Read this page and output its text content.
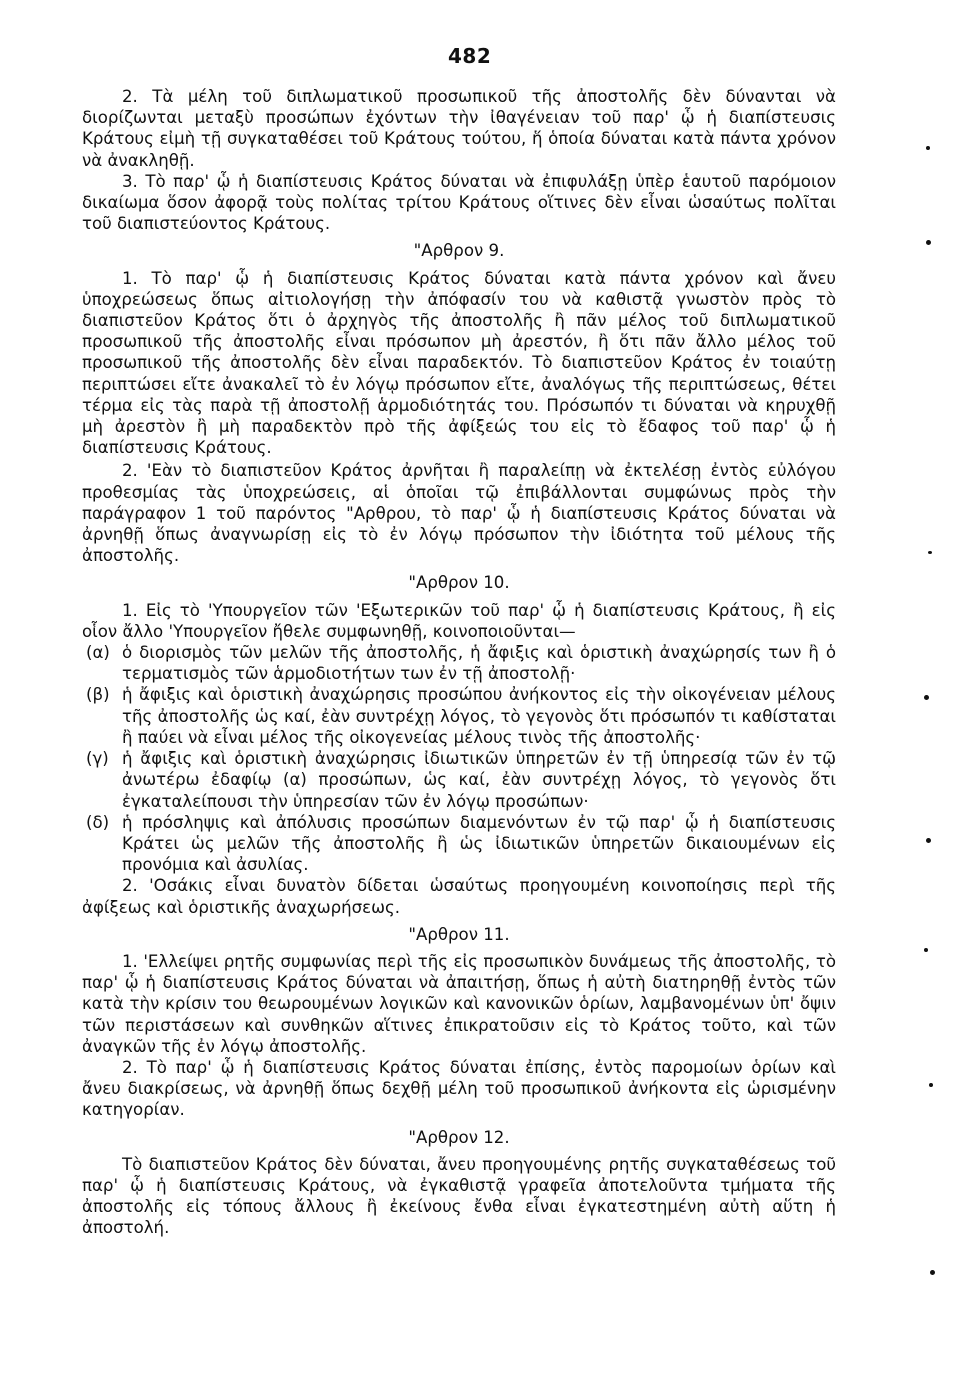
482

2. Τὰ μέλη τοῦ διπλωματικοῦ προσωπικοῦ τῆς ἀποστολῆς δὲν δύνανται νὰ διορίζωνται μεταξὺ προσώπων ἐχόντων τὴν ἰθαγένειαν τοῦ παρ' ᾧ ἡ διαπίστευσις Κράτους εἰμὴ τῇ συγκαταθέσει τοῦ Κράτους τούτου, ἥ ὁποία δύναται κατὰ πάντα χρόνον νὰ ἀνακληθῇ.

3. Τὸ παρ' ᾧ ἡ διαπίστευσις Κράτος δύναται νὰ ἐπιφυλάξῃ ὑπὲρ ἑαυτοῦ παρόμοιον δικαίωμα ὅσον ἀφορᾷ τοὺς πολίτας τρίτου Κράτους οἵτινες δὲν εἶναι ὡσαύτως πολῖται τοῦ διαπιστεύοντος Κράτους.

"Αρθρον 9.

1. Τὸ παρ' ᾧ ἡ διαπίστευσις Κράτος δύναται κατὰ πάντα χρόνον καὶ ἄνευ ὑποχρεώσεως ὅπως αἰτιολογήσῃ τὴν ἀπόφασίν του νὰ καθιστᾷ γνωστὸν πρὸς τὸ διαπιστεῦον Κράτος ὅτι ὁ ἀρχηγὸς τῆς ἀποστολῆς ἢ πᾶν μέλος τοῦ διπλωματικοῦ προσωπικοῦ τῆς ἀποστολῆς εἶναι πρόσωπον μὴ ἀρεστόν, ἢ ὅτι πᾶν ἄλλο μέλος τοῦ προσωπικοῦ τῆς ἀποστολῆς δὲν εἶναι παραδεκτόν. Τὸ διαπιστεῦον Κράτος ἐν τοιαύτῃ περιπτώσει εἴτε ἀνακαλεῖ τὸ ἐν λόγῳ πρόσωπον εἴτε, ἀναλόγως τῆς περιπτώσεως, θέτει τέρμα εἰς τὰς παρὰ τῇ ἀποστολῇ ἁρμοδιότητάς του. Πρόσωπόν τι δύναται νὰ κηρυχθῇ μὴ ἀρεστὸν ἢ μὴ παραδεκτὸν πρὸ τῆς ἀφίξεώς του εἰς τὸ ἔδαφος τοῦ παρ' ᾧ ἡ διαπίστευσις Κράτους.

2. 'Εὰν τὸ διαπιστεῦον Κράτος ἀρνῆται ἢ παραλείπῃ νὰ ἐκτελέσῃ ἐντὸς εὐλόγου προθεσμίας τὰς ὑποχρεώσεις, αἱ ὁποῖαι τῷ ἐπιβάλλονται συμφώνως πρὸς τὴν παράγραφον 1 τοῦ παρόντος "Αρθρου, τὸ παρ' ᾧ ἡ διαπίστευσις Κράτος δύναται νὰ ἀρνηθῇ ὅπως ἀναγνωρίσῃ εἰς τὸ ἐν λόγῳ πρόσωπον τὴν ἰδιότητα τοῦ μέλους τῆς ἀποστολῆς.

"Αρθρον 10.

1. Εἰς τὸ 'Υπουργεῖον τῶν 'Εξωτερικῶν τοῦ παρ' ᾧ ἡ διαπίστευσις Κράτους, ἢ εἰς οἷον ἄλλο 'Υπουργεῖον ἤθελε συμφωνηθῇ, κοινοποιοῦνται—

(α) ὁ διορισμὸς τῶν μελῶν τῆς ἀποστολῆς, ἡ ἄφιξις καὶ ὁριστικὴ ἀναχώρησίς των ἢ ὁ τερματισμὸς τῶν ἁρμοδιοτήτων των ἐν τῇ ἀποστολῇ·
(β) ἡ ἄφιξις καὶ ὁριστικὴ ἀναχώρησις προσώπου ἀνήκοντος εἰς τὴν οἰκογένειαν μέλους τῆς ἀποστολῆς ὡς καί, ἐὰν συντρέχῃ λόγος, τὸ γεγονὸς ὅτι πρόσωπόν τι καθίσταται ἢ παύει νὰ εἶναι μέλος τῆς οἰκογενείας μέλους τινὸς τῆς ἀποστολῆς·
(γ) ἡ ἄφιξις καὶ ὁριστικὴ ἀναχώρησις ἰδιωτικῶν ὑπηρετῶν ἐν τῇ ὑπηρεσίᾳ τῶν ἐν τῷ ἀνωτέρω ἐδαφίῳ (α) προσώπων, ὡς καί, ἐὰν συντρέχῃ λόγος, τὸ γεγονὸς ὅτι ἐγκαταλείπουσι τὴν ὑπηρεσίαν τῶν ἐν λόγῳ προσώπων·
(δ) ἡ πρόσληψις καὶ ἀπόλυσις προσώπων διαμενόντων ἐν τῷ παρ' ᾧ ἡ διαπίστευσις Κράτει ὡς μελῶν τῆς ἀποστολῆς ἢ ὡς ἰδιωτικῶν ὑπηρετῶν δικαιουμένων εἰς προνόμια καὶ ἀσυλίας.

2. 'Οσάκις εἶναι δυνατὸν δίδεται ὡσαύτως προηγουμένη κοινοποίησις περὶ τῆς ἀφίξεως καὶ ὁριστικῆς ἀναχωρήσεως.

"Αρθρον 11.

1. 'Ελλείψει ρητῆς συμφωνίας περὶ τῆς εἰς προσωπικὸν δυνάμεως τῆς ἀποστολῆς, τὸ παρ' ᾧ ἡ διαπίστευσις Κράτος δύναται νὰ ἀπαιτήσῃ, ὅπως ἡ αὐτὴ διατηρηθῇ ἐντὸς τῶν κατὰ τὴν κρίσιν του θεωρουμένων λογικῶν καὶ κανονικῶν ὁρίων, λαμβανομένων ὑπ' ὄψιν τῶν περιστάσεων καὶ συνθηκῶν αἵτινες ἐπικρατοῦσιν εἰς τὸ Κράτος τοῦτο, καὶ τῶν ἀναγκῶν τῆς ἐν λόγῳ ἀποστολῆς.

2. Τὸ παρ' ᾧ ἡ διαπίστευσις Κράτος δύναται ἐπίσης, ἐντὸς παρομοίων ὁρίων καὶ ἄνευ διακρίσεως, νὰ ἀρνηθῇ ὅπως δεχθῇ μέλη τοῦ προσωπικοῦ ἀνήκοντα εἰς ὡρισμένην κατηγορίαν.

"Αρθρον 12.

Τὸ διαπιστεῦον Κράτος δὲν δύναται, ἄνευ προηγουμένης ρητῆς συγκαταθέσεως τοῦ παρ' ᾧ ἡ διαπίστευσις Κράτους, νὰ ἐγκαθιστᾷ γραφεῖα ἀποτελοῦντα τμήματα τῆς ἀποστολῆς εἰς τόπους ἄλλους ἢ ἐκείνους ἔνθα εἶναι ἐγκατεστημένη αὐτὴ αὕτη ἡ ἀποστολή.
